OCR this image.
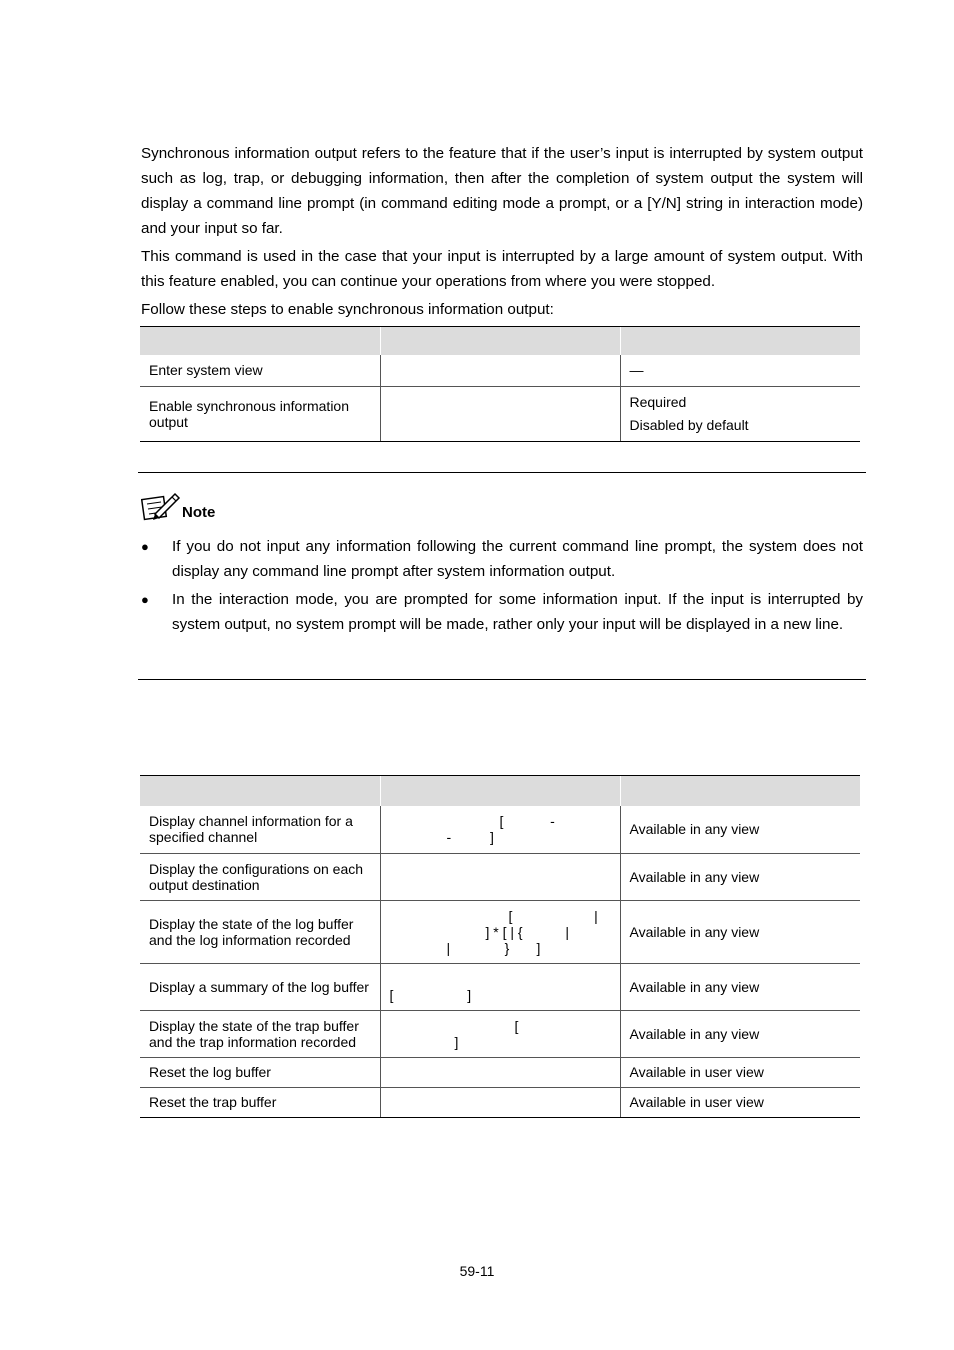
Synchronous information output refers to the feature that if the user’s input is interrupted by system output such as log, trap, or debugging information, then after the completion of system output the system will display a command line prompt (in command editing mode a prompt, or a [Y/N] string in interaction mode) and your input so far.

This command is used in the case that your input is interrupted by a large amount of system output. With this feature enabled, you can continue your operations from where you were stopped.

Follow these steps to enable synchronous information output:

Enter system view		—
Enable synchronous information output		Required
Disabled by default
Note
● If you do not input any information following the current command line prompt, the system does not display any command line prompt after system information output.
● In the interaction mode, you are prompted for some information input. If the input is interrupted by system output, no system prompt will be made, rather only your input will be displayed in a new line.

Display channel information for a specified channel	[            -
-          ]	Available in any view
Display the configurations on each output destination		Available in any view
Display the state of the log buffer and the log information recorded	[                     |
] * [ | {           |
|              }       ]	Available in any view
Display a summary of the log buffer	[                   ]	Available in any view
Display the state of the trap buffer and the trap information recorded	[
]	Available in any view
Reset the log buffer		Available in user view
Reset the trap buffer		Available in user view
59-11
